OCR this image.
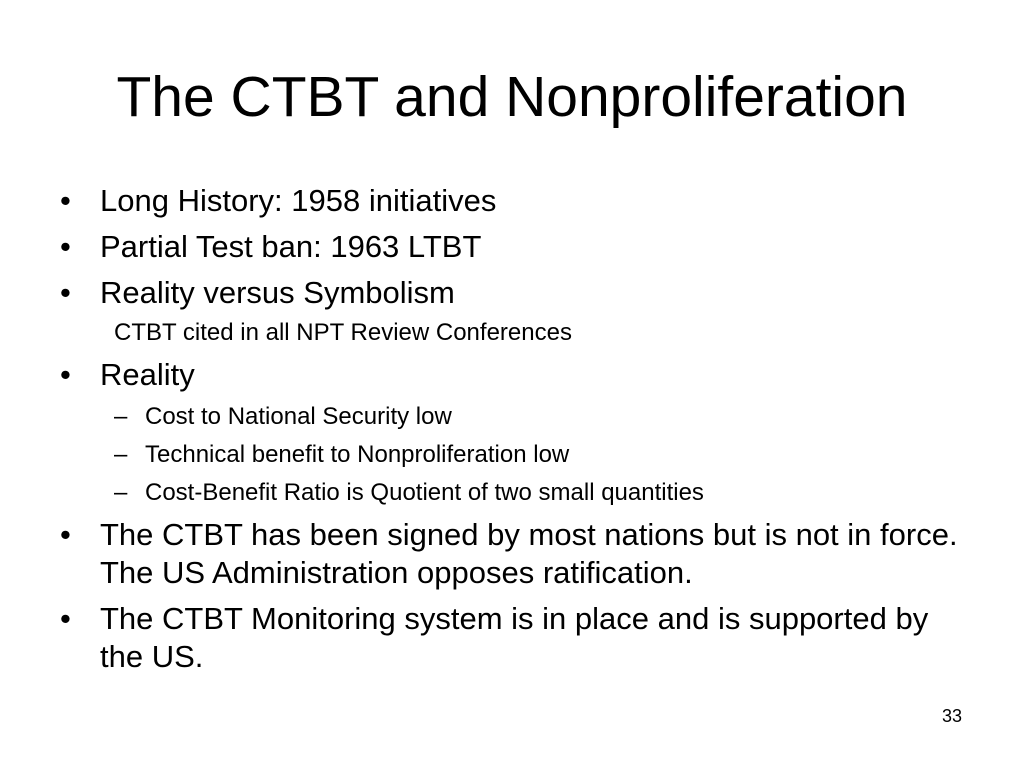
The CTBT and Nonproliferation
• Long History: 1958 initiatives
• Partial Test ban: 1963 LTBT
• Reality versus Symbolism
CTBT cited in all NPT Review Conferences
• Reality
– Cost to National Security low
– Technical benefit to Nonproliferation low
– Cost-Benefit Ratio is Quotient of two small quantities
• The CTBT has been signed by most nations but is not in force. The US Administration opposes ratification.
• The CTBT Monitoring system is in place and is supported by the US.
33
